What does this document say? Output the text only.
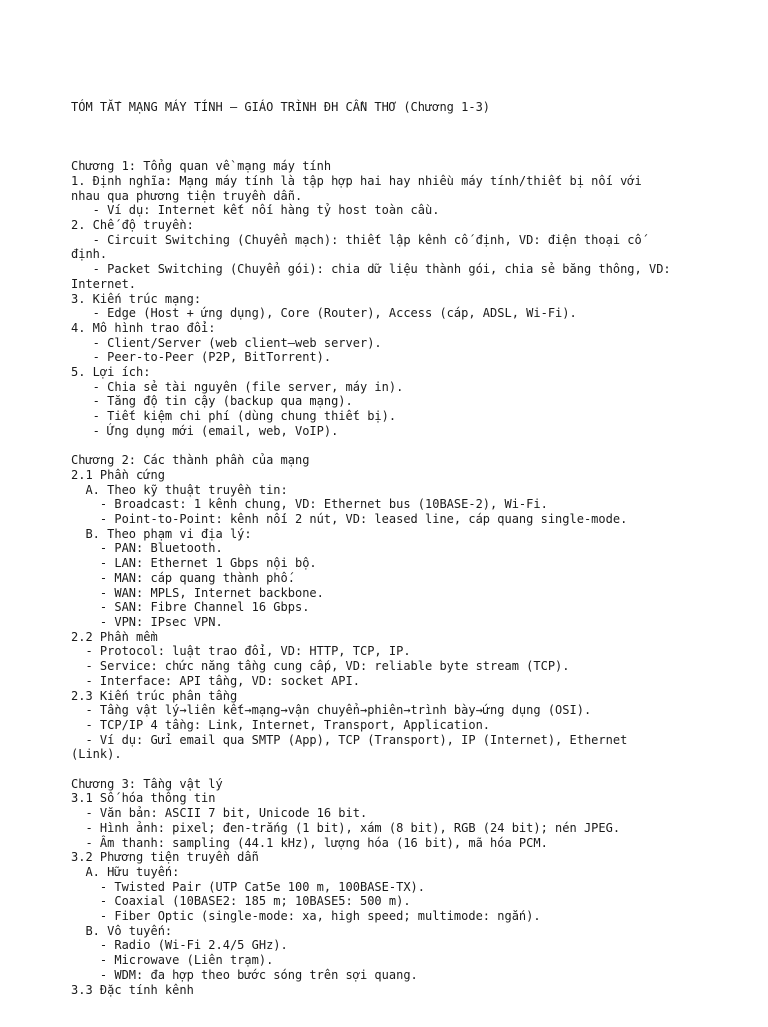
TÓM TẮT MẠNG MÁY TÍNH – GIÁO TRÌNH ĐH CẦN THƠ (Chương 1-3)

Chương 1: Tổng quan về mạng máy tính
1. Định nghĩa: Mạng máy tính là tập hợp hai hay nhiều máy tính/thiết bị nối với
nhau qua phương tiện truyền dẫn.
- Ví dụ: Internet kết nối hàng tỷ host toàn cầu.
2. Chế độ truyền:
- Circuit Switching (Chuyển mạch): thiết lập kênh cố định, VD: điện thoại cố
định.
- Packet Switching (Chuyển gói): chia dữ liệu thành gói, chia sẻ băng thông, VD:
Internet.
3. Kiến trúc mạng:
- Edge (Host + ứng dụng), Core (Router), Access (cáp, ADSL, Wi-Fi).
4. Mô hình trao đổi:
- Client/Server (web client–web server).
- Peer-to-Peer (P2P, BitTorrent).
5. Lợi ích:
- Chia sẻ tài nguyên (file server, máy in).
- Tăng độ tin cậy (backup qua mạng).
- Tiết kiệm chi phí (dùng chung thiết bị).
- Ứng dụng mới (email, web, VoIP).
Chương 2: Các thành phần của mạng
2.1 Phần cứng
A. Theo kỹ thuật truyền tin:
- Broadcast: 1 kênh chung, VD: Ethernet bus (10BASE-2), Wi-Fi.
- Point-to-Point: kênh nối 2 nút, VD: leased line, cáp quang single-mode.
B. Theo phạm vi địa lý:
- PAN: Bluetooth.
- LAN: Ethernet 1 Gbps nội bộ.
- MAN: cáp quang thành phố.
- WAN: MPLS, Internet backbone.
- SAN: Fibre Channel 16 Gbps.
- VPN: IPsec VPN.
2.2 Phần mềm
- Protocol: luật trao đổi, VD: HTTP, TCP, IP.
- Service: chức năng tầng cung cấp, VD: reliable byte stream (TCP).
- Interface: API tầng, VD: socket API.
2.3 Kiến trúc phân tầng
- Tầng vật lý→liên kết→mạng→vận chuyển→phiên→trình bày→ứng dụng (OSI).
- TCP/IP 4 tầng: Link, Internet, Transport, Application.
- Ví dụ: Gửi email qua SMTP (App), TCP (Transport), IP (Internet), Ethernet
(Link).
Chương 3: Tầng vật lý
3.1 Số hóa thông tin
- Văn bản: ASCII 7 bit, Unicode 16 bit.
- Hình ảnh: pixel; đen-trắng (1 bit), xám (8 bit), RGB (24 bit); nén JPEG.
- Âm thanh: sampling (44.1 kHz), lượng hóa (16 bit), mã hóa PCM.
3.2 Phương tiện truyền dẫn
A. Hữu tuyến:
- Twisted Pair (UTP Cat5e 100 m, 100BASE-TX).
- Coaxial (10BASE2: 185 m; 10BASE5: 500 m).
- Fiber Optic (single-mode: xa, high speed; multimode: ngắn).
B. Vô tuyến:
- Radio (Wi-Fi 2.4/5 GHz).
- Microwave (Liên trạm).
- WDM: đa hợp theo bước sóng trên sợi quang.
3.3 Đặc tính kênh
